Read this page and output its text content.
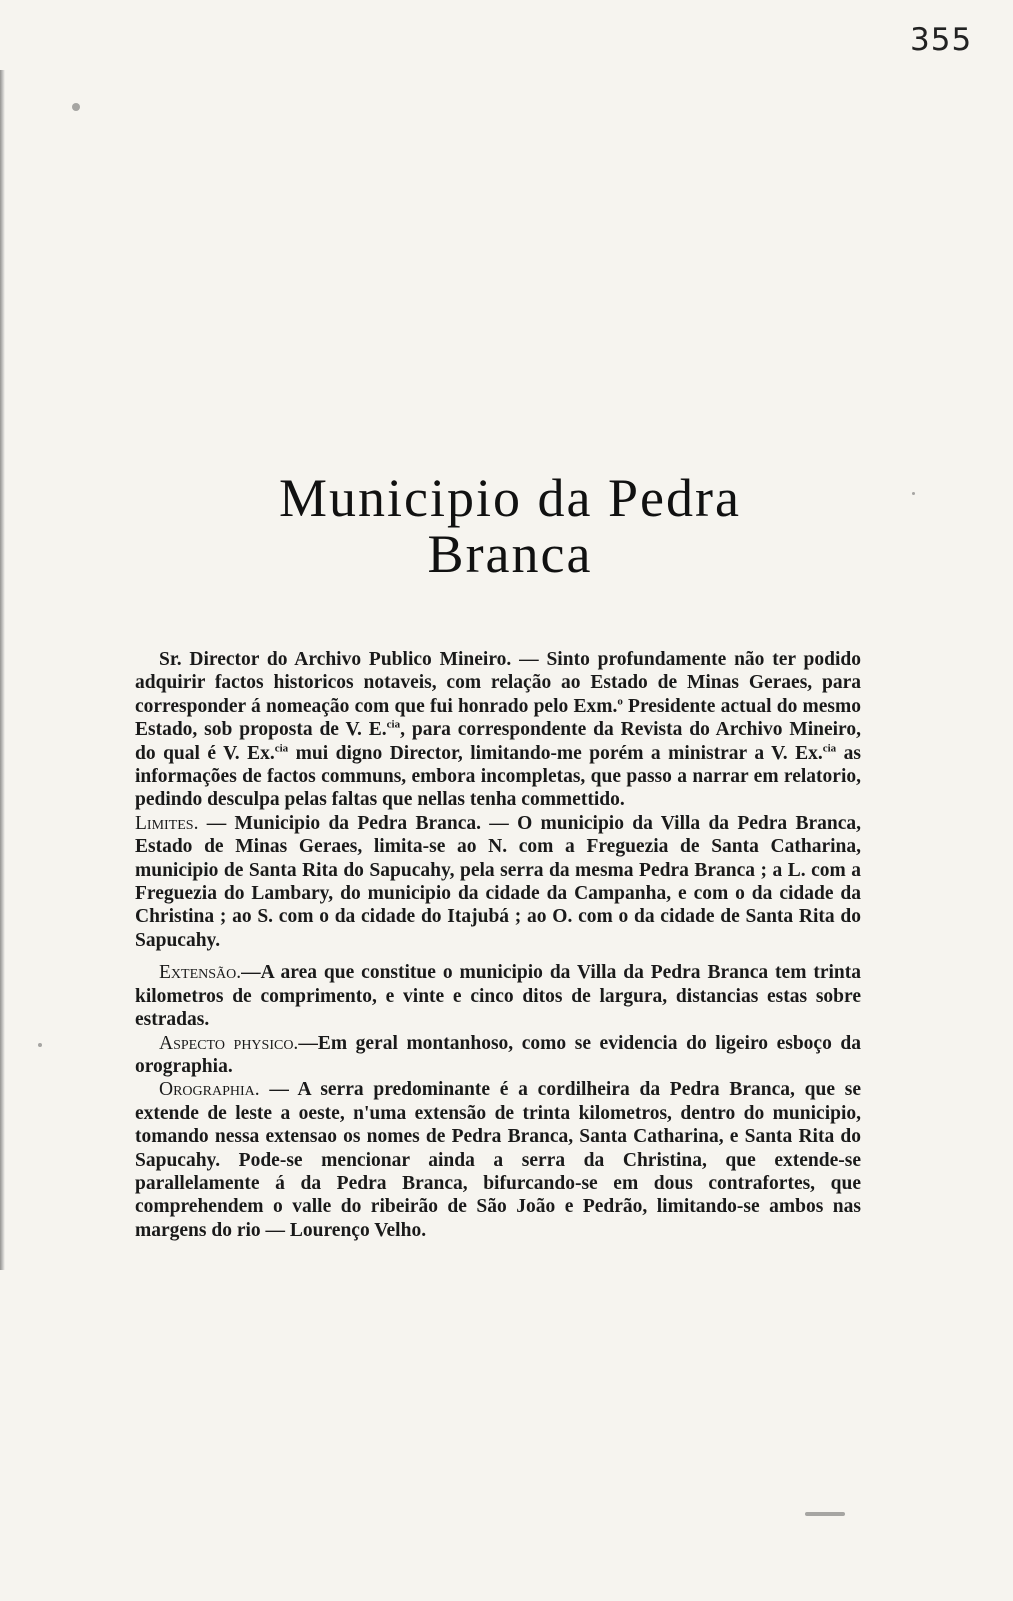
355
Municipio da Pedra
Branca

Sr. Director do Archivo Publico Mineiro. — Sinto profundamente não ter podido adquirir factos historicos notaveis, com relação ao Estado de Minas Geraes, para corresponder á nomeação com que fui honrado pelo Exm.$^o$ Presidente actual do mesmo Estado, sob proposta de V. E.$^{cia}$, para correspondente da Revista do Archivo Mineiro, do qual é V. Ex.$^{cia}$ mui digno Director, limitando-me porém a ministrar a V. Ex.$^{cia}$ as informações de factos communs, embora incompletas, que passo a narrar em relatorio, pedindo desculpa pelas faltas que nellas tenha commettido.

Limites. — Municipio da Pedra Branca. — O municipio da Villa da Pedra Branca, Estado de Minas Geraes, limita-se ao N. com a Freguezia de Santa Catharina, municipio de Santa Rita do Sapucahy, pela serra da mesma Pedra Branca ; a L. com a Freguezia do Lambary, do municipio da cidade da Campanha, e com o da cidade da Christina ; ao S. com o da cidade do Itajubá ; ao O. com o da cidade de Santa Rita do Sapucahy.

Extensão.—A area que constitue o municipio da Villa da Pedra Branca tem trinta kilometros de comprimento, e vinte e cinco ditos de largura, distancias estas sobre estradas.

Aspecto physico.—Em geral montanhoso, como se evidencia do ligeiro esboço da orographia.

Orographia. — A serra predominante é a cordilheira da Pedra Branca, que se extende de leste a oeste, n'uma extensão de trinta kilometros, dentro do municipio, tomando nessa extensao os nomes de Pedra Branca, Santa Catharina, e Santa Rita do Sapucahy. Pode-se mencionar ainda a serra da Christina, que extende-se parallelamente á da Pedra Branca, bifurcando-se em dous contrafortes, que comprehendem o valle do ribeirão de São João e Pedrão, limitando-se ambos nas margens do rio — Lourenço Velho.
